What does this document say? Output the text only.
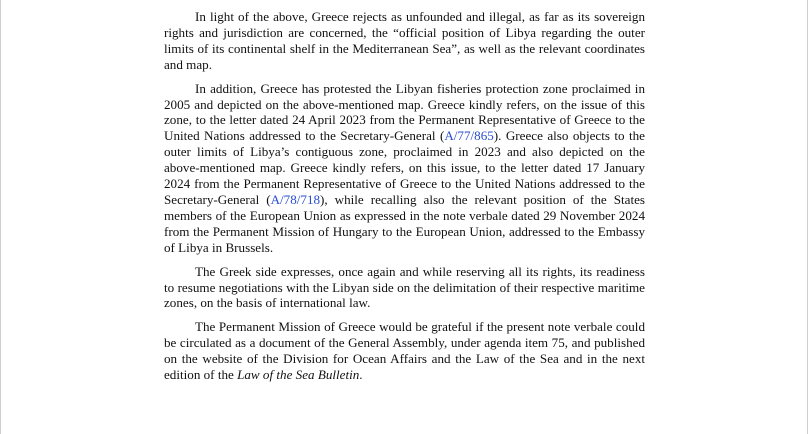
In light of the above, Greece rejects as unfounded and illegal, as far as its sovereign rights and jurisdiction are concerned, the “official position of Libya regarding the outer limits of its continental shelf in the Mediterranean Sea”, as well as the relevant coordinates and map.

In addition, Greece has protested the Libyan fisheries protection zone proclaimed in 2005 and depicted on the above-mentioned map. Greece kindly refers, on the issue of this zone, to the letter dated 24 April 2023 from the Permanent Representative of Greece to the United Nations addressed to the Secretary-General (A/77/865). Greece also objects to the outer limits of Libya’s contiguous zone, proclaimed in 2023 and also depicted on the above-mentioned map. Greece kindly refers, on this issue, to the letter dated 17 January 2024 from the Permanent Representative of Greece to the United Nations addressed to the Secretary-General (A/78/718), while recalling also the relevant position of the States members of the European Union as expressed in the note verbale dated 29 November 2024 from the Permanent Mission of Hungary to the European Union, addressed to the Embassy of Libya in Brussels.

The Greek side expresses, once again and while reserving all its rights, its readiness to resume negotiations with the Libyan side on the delimitation of their respective maritime zones, on the basis of international law.

The Permanent Mission of Greece would be grateful if the present note verbale could be circulated as a document of the General Assembly, under agenda item 75, and published on the website of the Division for Ocean Affairs and the Law of the Sea and in the next edition of the Law of the Sea Bulletin.
